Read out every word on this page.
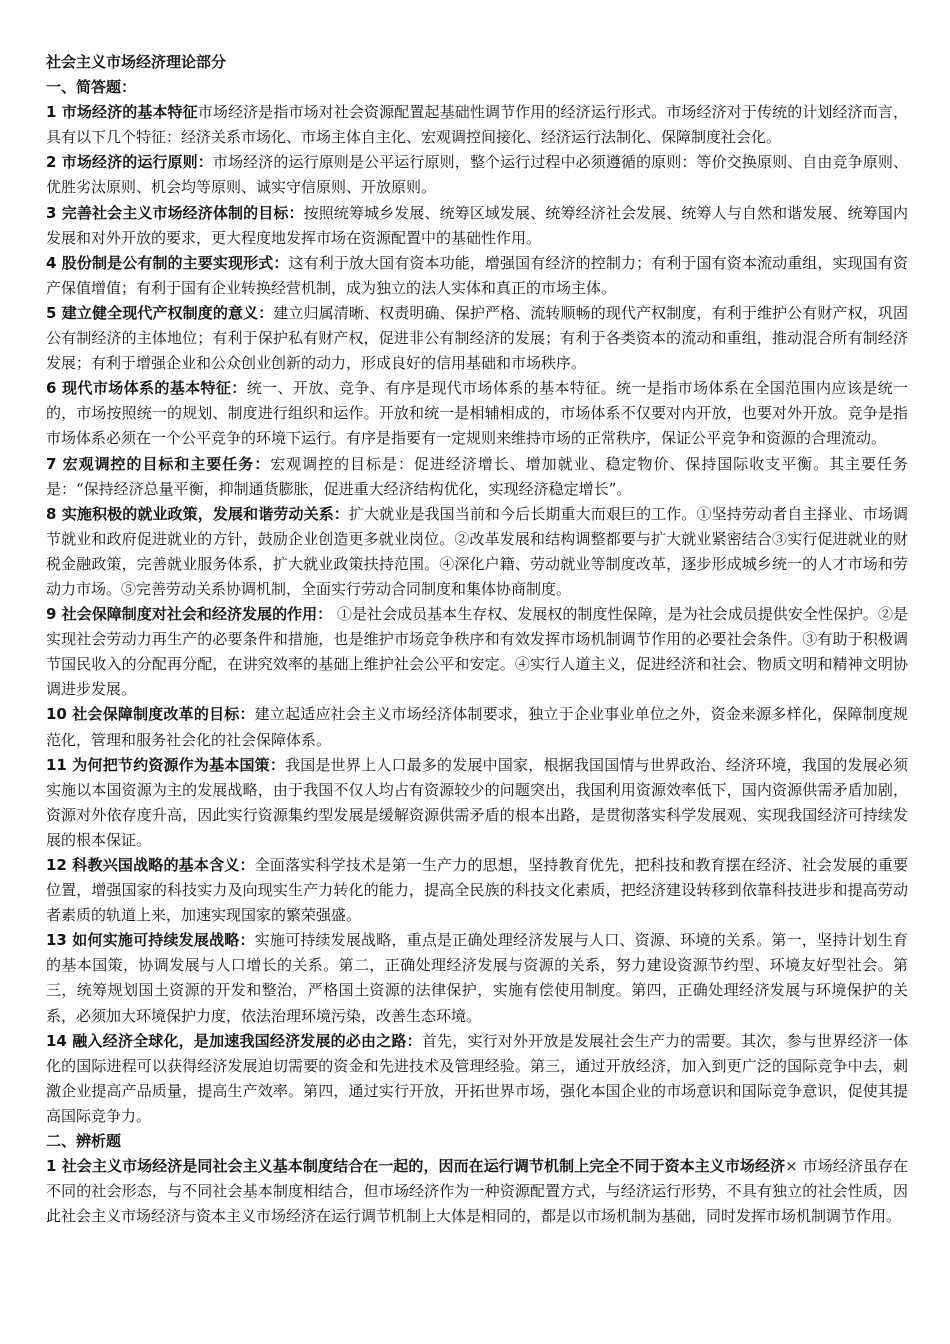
社会主义市场经济理论部分

一、简答题：

1 市场经济的基本特征市场经济是指市场对社会资源配置起基础性调节作用的经济运行形式。市场经济对于传统的计划经济而言，具有以下几个特征：经济关系市场化、市场主体自主化、宏观调控间接化、经济运行法制化、保障制度社会化。

2 市场经济的运行原则：市场经济的运行原则是公平运行原则，整个运行过程中必须遵循的原则：等价交换原则、自由竞争原则、优胜劣汰原则、机会均等原则、诚实守信原则、开放原则。

3 完善社会主义市场经济体制的目标：按照统筹城乡发展、统筹区域发展、统筹经济社会发展、统筹人与自然和谐发展、统筹国内发展和对外开放的要求，更大程度地发挥市场在资源配置中的基础性作用。

4 股份制是公有制的主要实现形式：这有利于放大国有资本功能，增强国有经济的控制力；有利于国有资本流动重组，实现国有资产保值增值；有利于国有企业转换经营机制，成为独立的法人实体和真正的市场主体。

5 建立健全现代产权制度的意义：建立归属清晰、权责明确、保护严格、流转顺畅的现代产权制度，有利于维护公有财产权，巩固公有制经济的主体地位；有利于保护私有财产权，促进非公有制经济的发展；有利于各类资本的流动和重组，推动混合所有制经济发展；有利于增强企业和公众创业创新的动力，形成良好的信用基础和市场秩序。

6 现代市场体系的基本特征：统一、开放、竞争、有序是现代市场体系的基本特征。统一是指市场体系在全国范围内应该是统一的，市场按照统一的规划、制度进行组织和运作。开放和统一是相辅相成的，市场体系不仅要对内开放，也要对外开放。竞争是指市场体系必须在一个公平竞争的环境下运行。有序是指要有一定规则来维持市场的正常秩序，保证公平竞争和资源的合理流动。

7 宏观调控的目标和主要任务：宏观调控的目标是：促进经济增长、增加就业、稳定物价、保持国际收支平衡。其主要任务是：“保持经济总量平衡，抑制通货膨胀，促进重大经济结构优化，实现经济稳定增长”。

8 实施积极的就业政策，发展和谐劳动关系：扩大就业是我国当前和今后长期重大而艰巨的工作。①坚持劳动者自主择业、市场调节就业和政府促进就业的方针，鼓励企业创造更多就业岗位。②改革发展和结构调整都要与扩大就业紧密结合③实行促进就业的财税金融政策，完善就业服务体系，扩大就业政策扶持范围。④深化户籍、劳动就业等制度改革，逐步形成城乡统一的人才市场和劳动力市场。⑤完善劳动关系协调机制，全面实行劳动合同制度和集体协商制度。

9 社会保障制度对社会和经济发展的作用： ①是社会成员基本生存权、发展权的制度性保障，是为社会成员提供安全性保护。②是实现社会劳动力再生产的必要条件和措施，也是维护市场竞争秩序和有效发挥市场机制调节作用的必要社会条件。③有助于积极调节国民收入的分配再分配，在讲究效率的基础上维护社会公平和安定。④实行人道主义，促进经济和社会、物质文明和精神文明协调进步发展。

10 社会保障制度改革的目标：建立起适应社会主义市场经济体制要求，独立于企业事业单位之外，资金来源多样化，保障制度规范化，管理和服务社会化的社会保障体系。

11 为何把节约资源作为基本国策：我国是世界上人口最多的发展中国家，根据我国国情与世界政治、经济环境，我国的发展必须实施以本国资源为主的发展战略，由于我国不仅人均占有资源较少的问题突出，我国利用资源效率低下，国内资源供需矛盾加剧，资源对外依存度升高，因此实行资源集约型发展是缓解资源供需矛盾的根本出路，是贯彻落实科学发展观、实现我国经济可持续发展的根本保证。

12 科教兴国战略的基本含义：全面落实科学技术是第一生产力的思想，坚持教育优先，把科技和教育摆在经济、社会发展的重要位置，增强国家的科技实力及向现实生产力转化的能力，提高全民族的科技文化素质，把经济建设转移到依靠科技进步和提高劳动者素质的轨道上来，加速实现国家的繁荣强盛。

13 如何实施可持续发展战略：实施可持续发展战略，重点是正确处理经济发展与人口、资源、环境的关系。第一，坚持计划生育的基本国策，协调发展与人口增长的关系。第二，正确处理经济发展与资源的关系，努力建设资源节约型、环境友好型社会。第三，统筹规划国土资源的开发和整治，严格国土资源的法律保护，实施有偿使用制度。第四，正确处理经济发展与环境保护的关系，必须加大环境保护力度，依法治理环境污染，改善生态环境。

14 融入经济全球化，是加速我国经济发展的必由之路：首先，实行对外开放是发展社会生产力的需要。其次，参与世界经济一体化的国际进程可以获得经济发展迫切需要的资金和先进技术及管理经验。第三，通过开放经济，加入到更广泛的国际竞争中去，刺激企业提高产品质量，提高生产效率。第四，通过实行开放，开拓世界市场，强化本国企业的市场意识和国际竞争意识，促使其提高国际竞争力。

二、辨析题

1 社会主义市场经济是同社会主义基本制度结合在一起的，因而在运行调节机制上完全不同于资本主义市场经济× 市场经济虽存在不同的社会形态，与不同社会基本制度相结合，但市场经济作为一种资源配置方式，与经济运行形势，不具有独立的社会性质，因此社会主义市场经济与资本主义市场经济在运行调节机制上大体是相同的，都是以市场机制为基础，同时发挥市场机制调节作用。
